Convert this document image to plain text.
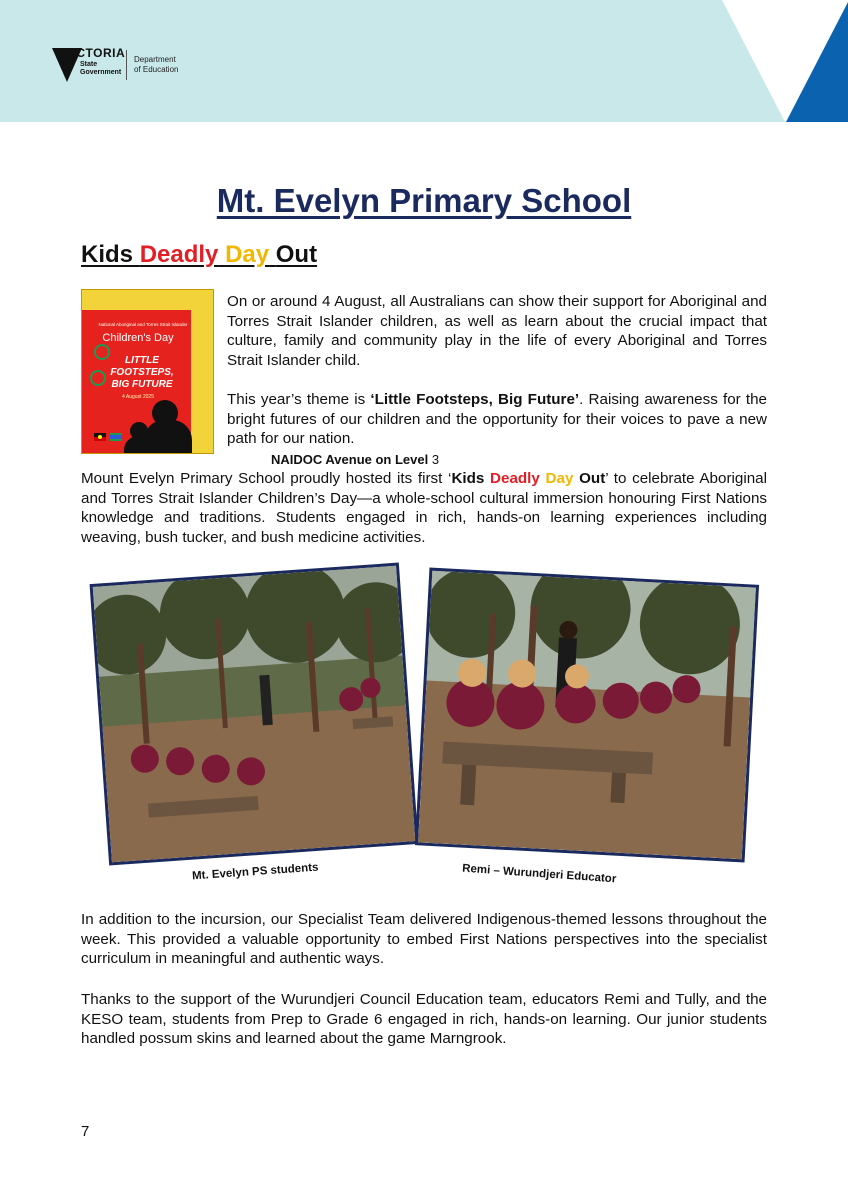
VICTORIA
State Government
Department
of Education
Mt. Evelyn Primary School
Kids Deadly Day Out
National Aboriginal and Torres Strait Islander
Children's Day
LITTLE
FOOTSTEPS,
BIG FUTURE
4 August 2025

On or around 4 August, all Australians can show their support for Aboriginal and Torres Strait Islander children, as well as learn about the crucial impact that culture, family and community play in the life of every Aboriginal and Torres Strait Islander child.

This year’s theme is ‘Little Footsteps, Big Future’. Raising awareness for the bright futures of our children and the opportunity for their voices to pave a new path for our nation.

NAIDOC Avenue on Level 3

Mount Evelyn Primary School proudly hosted its first ‘Kids Deadly Day Out’ to celebrate Aboriginal and Torres Strait Islander Children’s Day—a whole-school cultural immersion honouring First Nations knowledge and traditions. Students engaged in rich, hands-on learning experiences including weaving, bush tucker, and bush medicine activities.

Mt. Evelyn PS students	Remi – Wurundjeri Educator

In addition to the incursion, our Specialist Team delivered Indigenous-themed lessons throughout the week. This provided a valuable opportunity to embed First Nations perspectives into the specialist curriculum in meaningful and authentic ways.

Thanks to the support of the Wurundjeri Council Education team, educators Remi and Tully, and the KESO team, students from Prep to Grade 6 engaged in rich, hands-on learning. Our junior students handled possum skins and learned about the game Marngrook.

7
